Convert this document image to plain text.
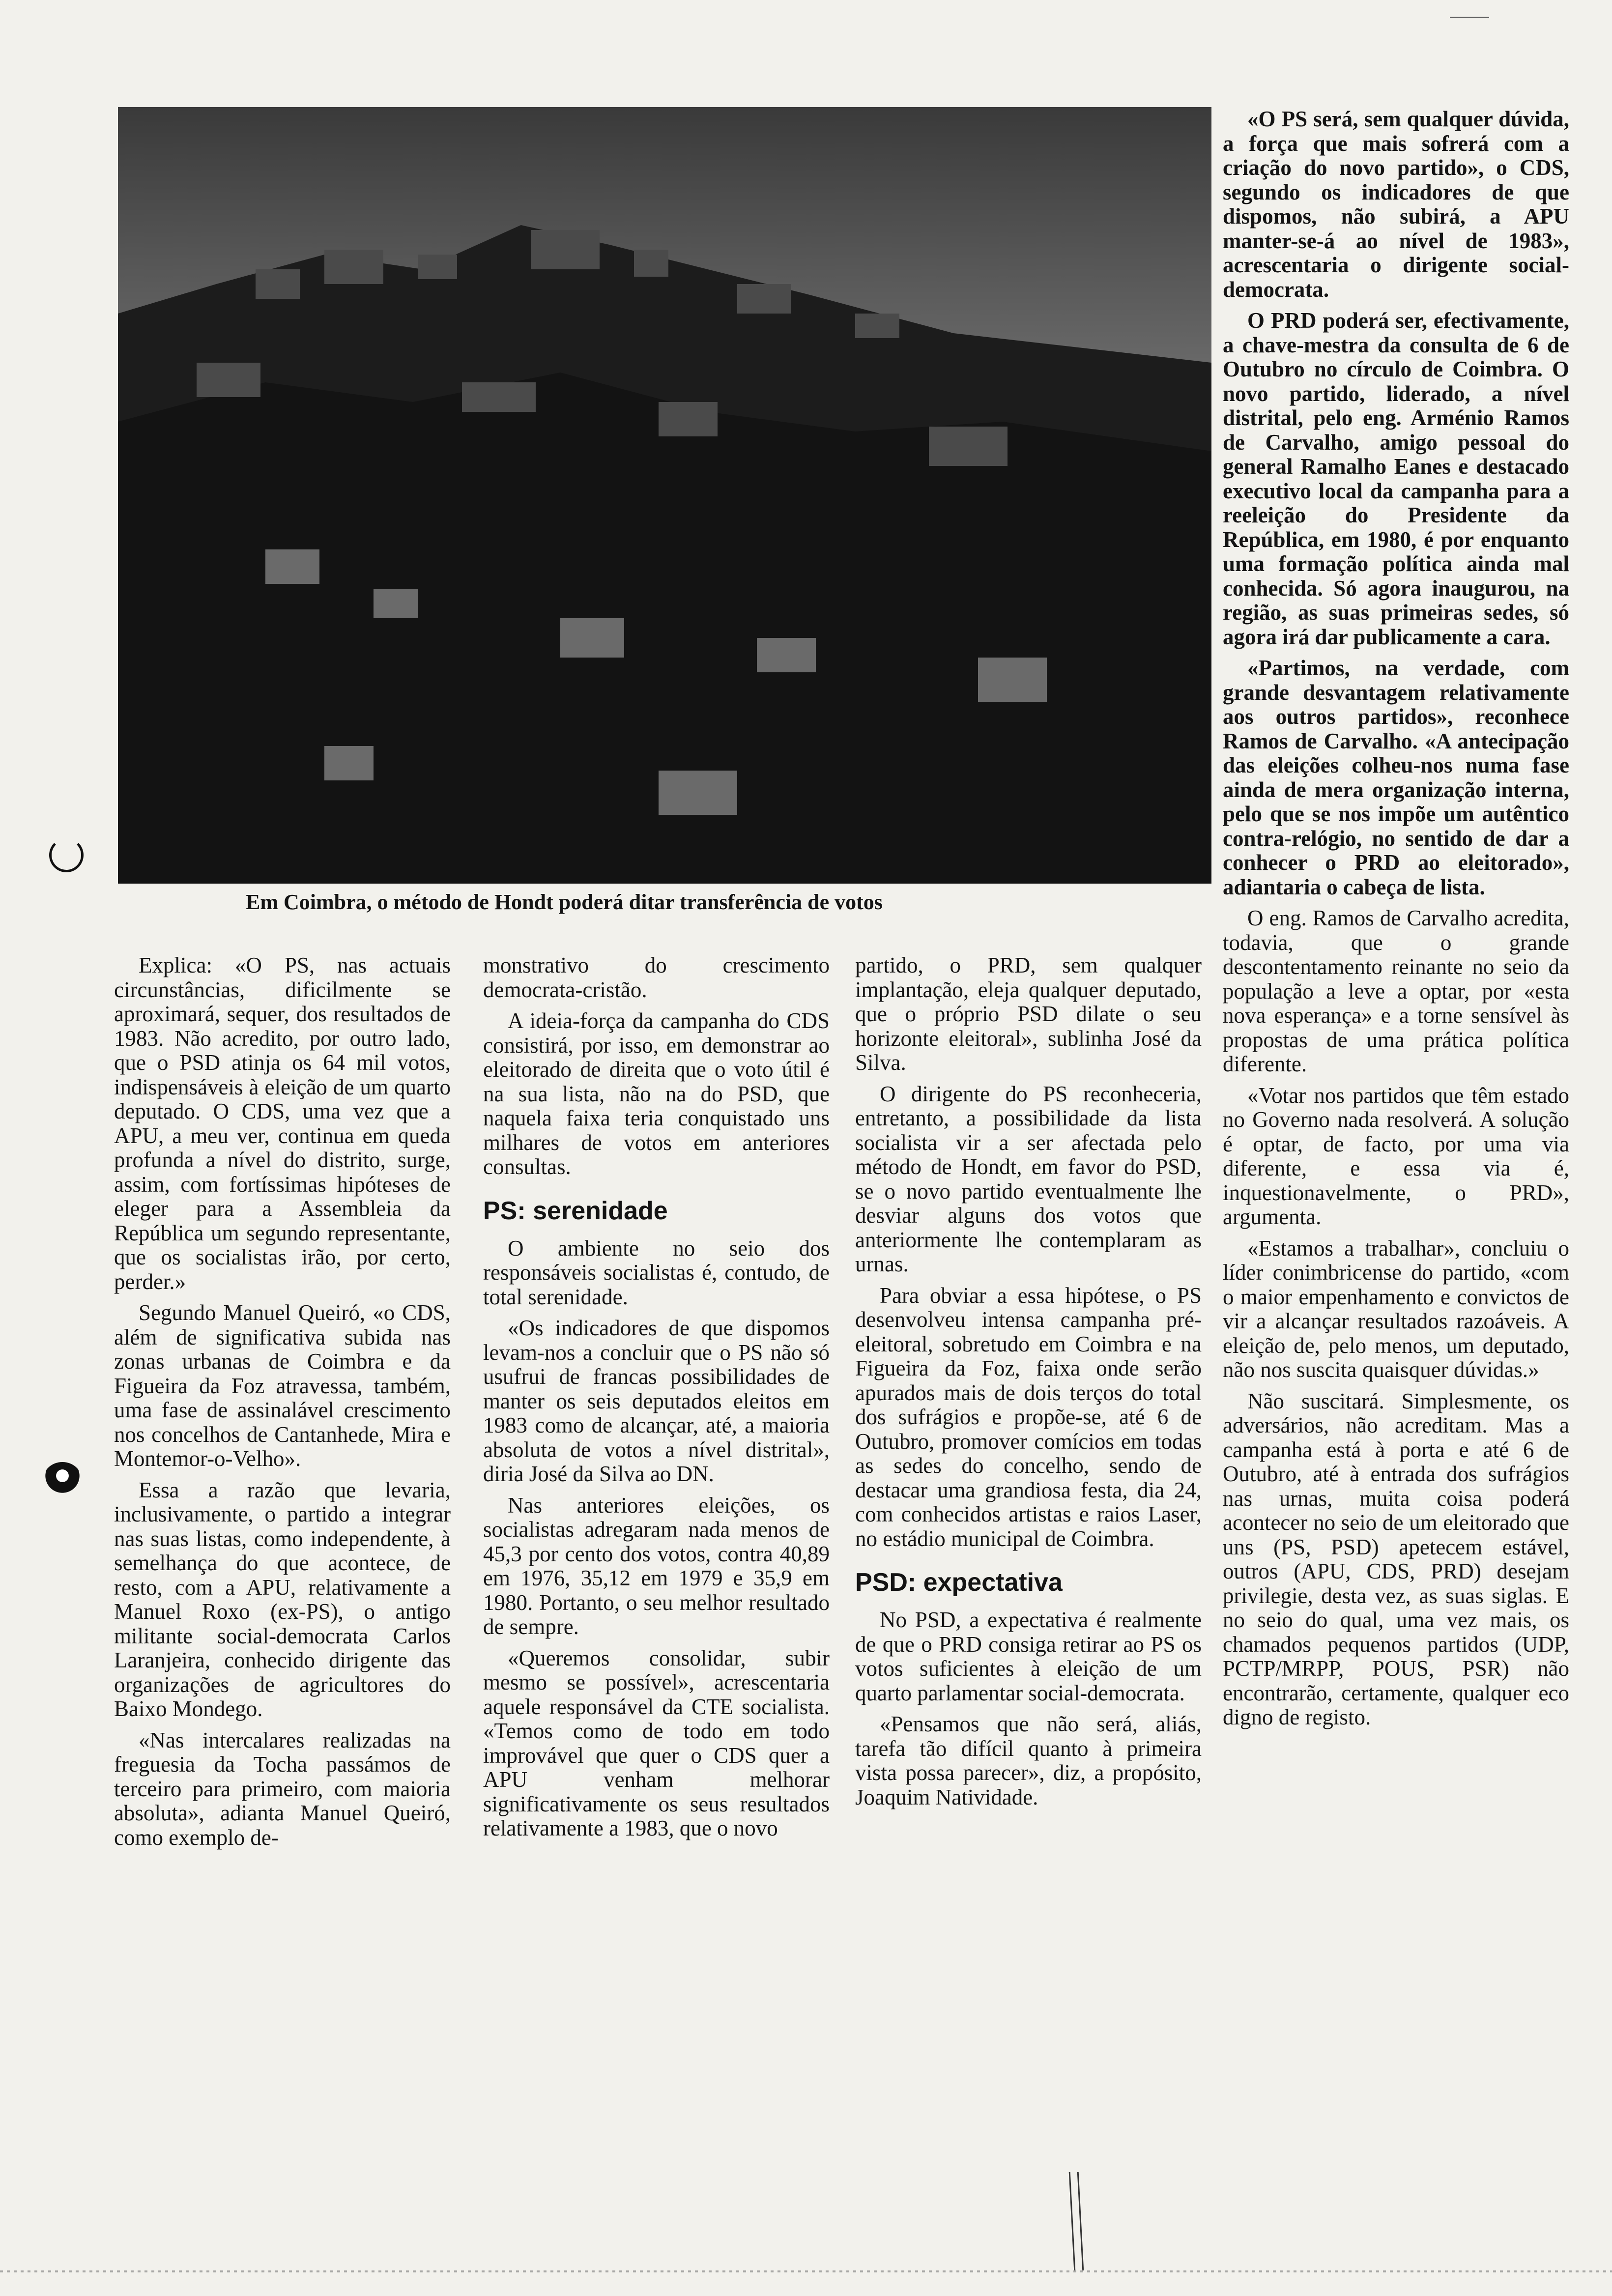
Em Coimbra, o método de Hondt poderá ditar transferência de votos

Explica: «O PS, nas actuais circunstâncias, dificilmente se aproximará, sequer, dos resultados de 1983. Não acredito, por outro lado, que o PSD atinja os 64 mil votos, indispensáveis à eleição de um quarto deputado. O CDS, uma vez que a APU, a meu ver, continua em queda profunda a nível do distrito, surge, assim, com fortíssimas hipóteses de eleger para a Assembleia da República um segundo representante, que os socialistas irão, por certo, perder.»

Segundo Manuel Queiró, «o CDS, além de significativa subida nas zonas urbanas de Coimbra e da Figueira da Foz atravessa, também, uma fase de assinalável crescimento nos concelhos de Cantanhede, Mira e Montemor-o-Velho».

Essa a razão que levaria, inclusivamente, o partido a integrar nas suas listas, como independente, à semelhança do que acontece, de resto, com a APU, relativamente a Manuel Roxo (ex-PS), o antigo militante social-democrata Carlos Laranjeira, conhecido dirigente das organizações de agricultores do Baixo Mondego.

«Nas intercalares realizadas na freguesia da Tocha passámos de terceiro para primeiro, com maioria absoluta», adianta Manuel Queiró, como exemplo de-

monstrativo do crescimento democrata-cristão.

A ideia-força da campanha do CDS consistirá, por isso, em demonstrar ao eleitorado de direita que o voto útil é na sua lista, não na do PSD, que naquela faixa teria conquistado uns milhares de votos em anteriores consultas.

PS: serenidade

O ambiente no seio dos responsáveis socialistas é, contudo, de total serenidade.

«Os indicadores de que dispomos levam-nos a concluir que o PS não só usufrui de francas possibilidades de manter os seis deputados eleitos em 1983 como de alcançar, até, a maioria absoluta de votos a nível distrital», diria José da Silva ao DN.

Nas anteriores eleições, os socialistas adregaram nada menos de 45,3 por cento dos votos, contra 40,89 em 1976, 35,12 em 1979 e 35,9 em 1980. Portanto, o seu melhor resultado de sempre.

«Queremos consolidar, subir mesmo se possível», acrescentaria aquele responsável da CTE socialista. «Temos como de todo em todo improvável que quer o CDS quer a APU venham melhorar significativamente os seus resultados relativamente a 1983, que o novo

partido, o PRD, sem qualquer implantação, eleja qualquer deputado, que o próprio PSD dilate o seu horizonte eleitoral», sublinha José da Silva.

O dirigente do PS reconheceria, entretanto, a possibilidade da lista socialista vir a ser afectada pelo método de Hondt, em favor do PSD, se o novo partido eventualmente lhe desviar alguns dos votos que anteriormente lhe contemplaram as urnas.

Para obviar a essa hipótese, o PS desenvolveu intensa campanha pré-eleitoral, sobretudo em Coimbra e na Figueira da Foz, faixa onde serão apurados mais de dois terços do total dos sufrágios e propõe-se, até 6 de Outubro, promover comícios em todas as sedes do concelho, sendo de destacar uma grandiosa festa, dia 24, com conhecidos artistas e raios Laser, no estádio municipal de Coimbra.

PSD: expectativa

No PSD, a expectativa é realmente de que o PRD consiga retirar ao PS os votos suficientes à eleição de um quarto parlamentar social-democrata.

«Pensamos que não será, aliás, tarefa tão difícil quanto à primeira vista possa parecer», diz, a propósito, Joaquim Natividade.

«O PS será, sem qualquer dúvida, a força que mais sofrerá com a criação do novo partido», o CDS, segundo os indicadores de que dispomos, não subirá, a APU manter-se-á ao nível de 1983», acrescentaria o dirigente social-democrata.

O PRD poderá ser, efectivamente, a chave-mestra da consulta de 6 de Outubro no círculo de Coimbra. O novo partido, liderado, a nível distrital, pelo eng. Arménio Ramos de Carvalho, amigo pessoal do general Ramalho Eanes e destacado executivo local da campanha para a reeleição do Presidente da República, em 1980, é por enquanto uma formação política ainda mal conhecida. Só agora inaugurou, na região, as suas primeiras sedes, só agora irá dar publicamente a cara.

«Partimos, na verdade, com grande desvantagem relativamente aos outros partidos», reconhece Ramos de Carvalho. «A antecipação das eleições colheu-nos numa fase ainda de mera organização interna, pelo que se nos impõe um autêntico contra-relógio, no sentido de dar a conhecer o PRD ao eleitorado», adiantaria o cabeça de lista.

O eng. Ramos de Carvalho acredita, todavia, que o grande descontentamento reinante no seio da população a leve a optar, por «esta nova esperança» e a torne sensível às propostas de uma prática política diferente.

«Votar nos partidos que têm estado no Governo nada resolverá. A solução é optar, de facto, por uma via diferente, e essa via é, inquestionavelmente, o PRD», argumenta.

«Estamos a trabalhar», concluiu o líder conimbricense do partido, «com o maior empenhamento e convictos de vir a alcançar resultados razoáveis. A eleição de, pelo menos, um deputado, não nos suscita quaisquer dúvidas.»

Não suscitará. Simplesmente, os adversários, não acreditam. Mas a campanha está à porta e até 6 de Outubro, até à entrada dos sufrágios nas urnas, muita coisa poderá acontecer no seio de um eleitorado que uns (PS, PSD) apetecem estável, outros (APU, CDS, PRD) desejam privilegie, desta vez, as suas siglas. E no seio do qual, uma vez mais, os chamados pequenos partidos (UDP, PCTP/MRPP, POUS, PSR) não encontrarão, certamente, qualquer eco digno de registo.
